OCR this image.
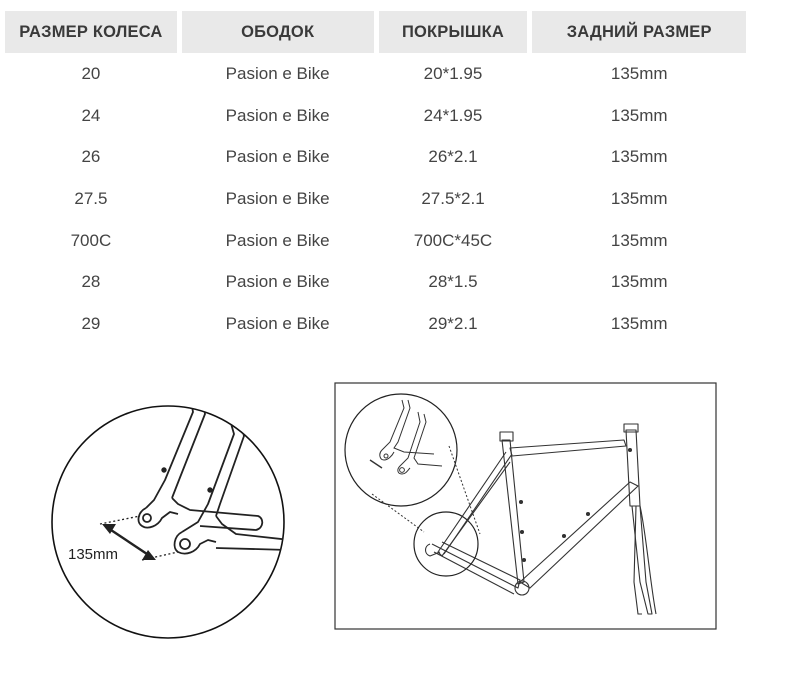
РАЗМЕР КОЛЕСА	ОБОДОК	ПОКРЫШКА	ЗАДНИЙ РАЗМЕР
20	Pasion e Bike	20*1.95	135mm
24	Pasion e Bike	24*1.95	135mm
26	Pasion e Bike	26*2.1	135mm
27.5	Pasion e Bike	27.5*2.1	135mm
700C	Pasion e Bike	700C*45C	135mm
28	Pasion e Bike	28*1.5	135mm
29	Pasion e Bike	29*2.1	135mm
135mm
